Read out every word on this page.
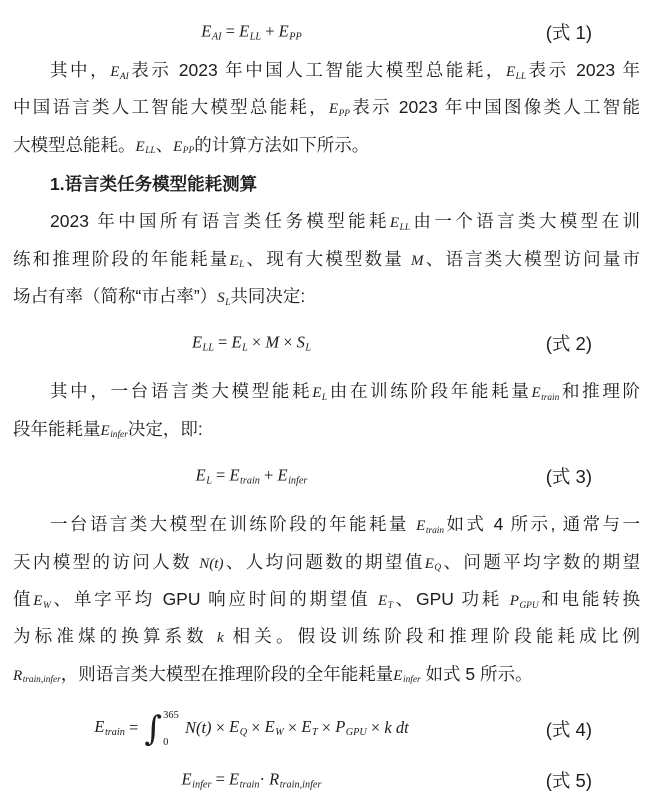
$E_{AI} = E_{LL} + E_{PP}$	(式 1)
其中，$E_{AI}$表示 2023 年中国人工智能大模型总能耗，$E_{LL}$表示 2023 年
中国语言类人工智能大模型总能耗，$E_{PP}$表示 2023 年中国图像类人工智能
大模型总能耗。$E_{LL}$、$E_{PP}$的计算方法如下所示。
1.语言类任务模型能耗测算
2023 年中国所有语言类任务模型能耗$E_{LL}$由一个语言类大模型在训
练和推理阶段的年能耗量$E_L$、现有大模型数量 M、语言类大模型访问量市
场占有率（简称“市占率$”)S_L$共同决定:
$E_{LL} = E_L \times M \times S_L$	(式 2)
其中，一台语言类大模型能耗$E_L$由在训练阶段年能耗量$E_{train}$和推理阶
段年能耗量$E_{infer}$决定，即:
$E_L = E_{train} + E_{infer}$	(式 3)
一台语言类大模型在训练阶段的年能耗量 $E_{train}$如式 4 所示, 通常与一
天内模型的访问人数 N(t)、人均问题数的期望值$E_Q$、问题平均字数的期望
值$E_W$、单字平均 GPU 响应时间的期望值 $E_T$、GPU 功耗 $P_{GPU}$和电能转换
为标准煤的换算系数 k 相关。假设训练阶段和推理阶段能耗成比例
$R_{train,infer}$，则语言类大模型在推理阶段的全年能耗量$E_{infer}$ 如式 5 所示。
$E_{train}$ = ∫ 365
0
$N(t) \times E_Q \times E_W \times E_T \times P_{GPU} \times k$ dt	(式 4)
$E_{infer} = E_{train}\cdot R_{train,infer}$	(式 5)
